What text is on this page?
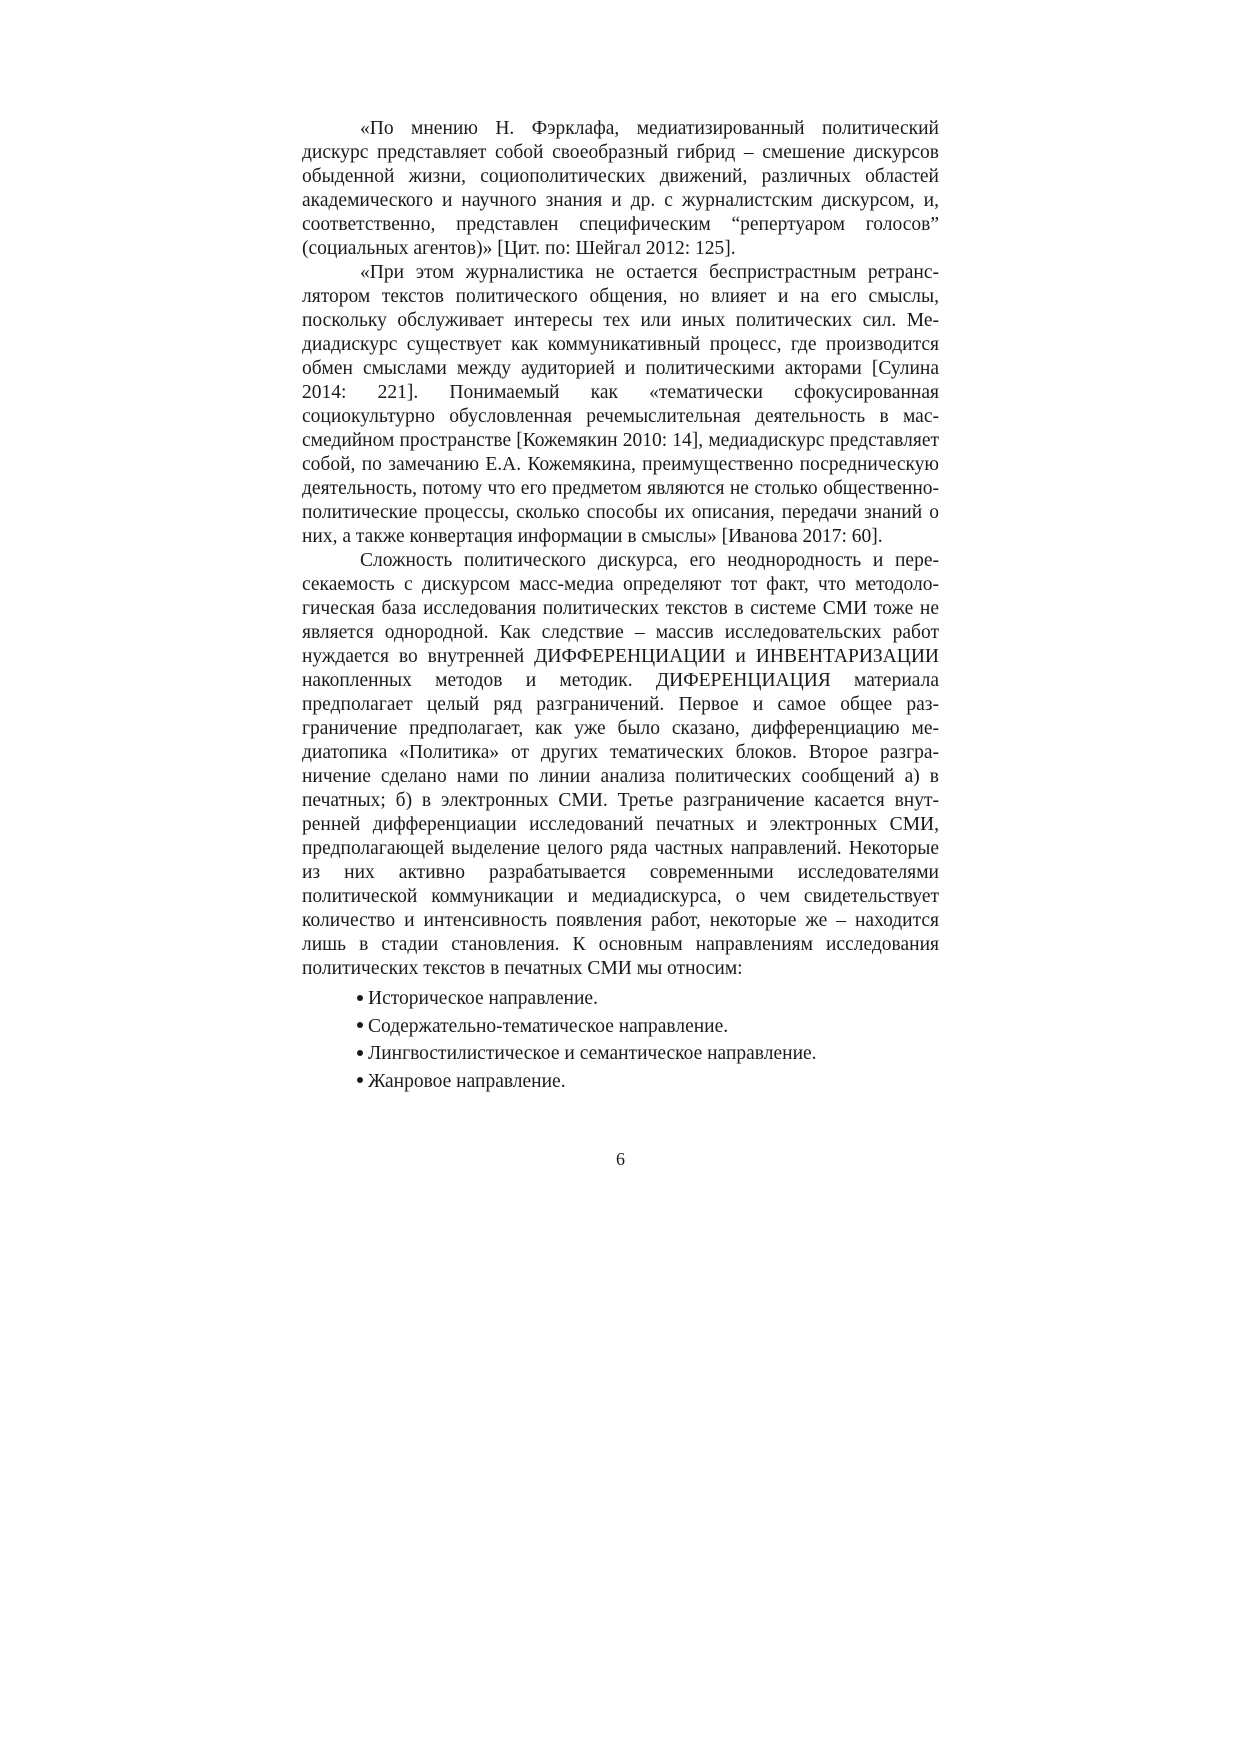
«По мнению Н. Фэрклафа, медиатизированный политический дискурс представляет собой своеобразный гибрид – смешение дискурсов обыденной жизни, социополитических движений, различных областей академического и научного знания и др. с журналистским дискурсом, и, соответственно, представлен специфическим “репертуаром голосов” (социальных агентов)» [Цит. по: Шейгал 2012: 125].

«При этом журналистика не остается беспристрастным ретранслятором текстов политического общения, но влияет и на его смыслы, поскольку обслуживает интересы тех или иных политических сил. Медиадискурс существует как коммуникативный процесс, где производится обмен смыслами между аудиторией и политическими акторами [Сулина 2014: 221]. Понимаемый как «тематически сфокусированная социокультурно обусловленная речемыслительная деятельность в массмедийном пространстве [Кожемякин 2010: 14], медиадискурс представляет собой, по замечанию Е.А. Кожемякина, преимущественно посредническую деятельность, потому что его предметом являются не столько общественно-политические процессы, сколько способы их описания, передачи знаний о них, а также конвертация информации в смыслы» [Иванова 2017: 60].

Сложность политического дискурса, его неоднородность и пересекаемость с дискурсом масс-медиа определяют тот факт, что методологическая база исследования политических текстов в системе СМИ тоже не является однородной. Как следствие – массив исследовательских работ нуждается во внутренней ДИФФЕРЕНЦИАЦИИ и ИНВЕНТАРИЗАЦИИ накопленных методов и методик. ДИФЕРЕНЦИАЦИЯ материала предполагает целый ряд разграничений. Первое и самое общее разграничение предполагает, как уже было сказано, дифференциацию медиатопика «Политика» от других тематических блоков. Второе разграничение сделано нами по линии анализа политических сообщений а) в печатных; б) в электронных СМИ. Третье разграничение касается внутренней дифференциации исследований печатных и электронных СМИ, предполагающей выделение целого ряда частных направлений. Некоторые из них активно разрабатывается современными исследователями политической коммуникации и медиадискурса, о чем свидетельствует количество и интенсивность появления работ, некоторые же – находится лишь в стадии становления. К основным направлениям исследования политических текстов в печатных СМИ мы относим:

Историческое направление.
Содержательно-тематическое направление.
Лингвостилистическое и семантическое направление.
Жанровое направление.
6
